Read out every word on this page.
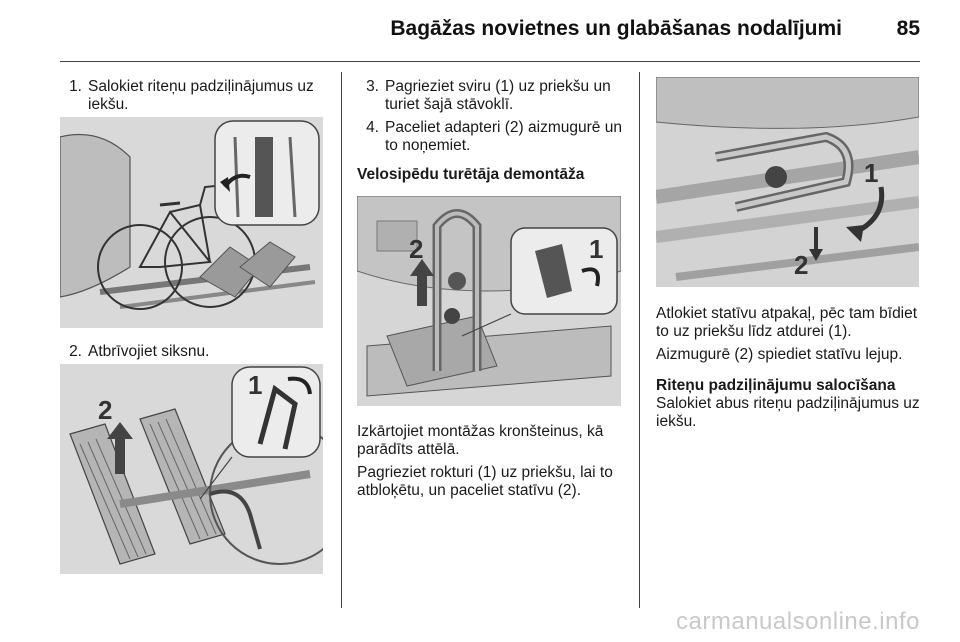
Bagāžas novietnes un glabāšanas nodalījumi	85
1. Salokiet riteņu padziļinājumus uz iekšu.
2. Atbrīvojiet siksnu.
2
1
3. Pagrieziet sviru (1) uz priekšu un turiet šajā stāvoklī.
4. Paceliet adapteri (2) aizmugurē un to noņemiet.
Velosipēdu turētāja demontāža
2	1
Izkārtojiet montāžas kronšteinus, kā parādīts attēlā.
Pagrieziet rokturi (1) uz priekšu, lai to atbloķētu, un paceliet statīvu (2).
1
2
Atlokiet statīvu atpakaļ, pēc tam bīdiet to uz priekšu līdz atdurei (1).
Aizmugurē (2) spiediet statīvu lejup.
Riteņu padziļinājumu salocīšana
Salokiet abus riteņu padziļinājumus uz iekšu.
carmanualsonline.info
